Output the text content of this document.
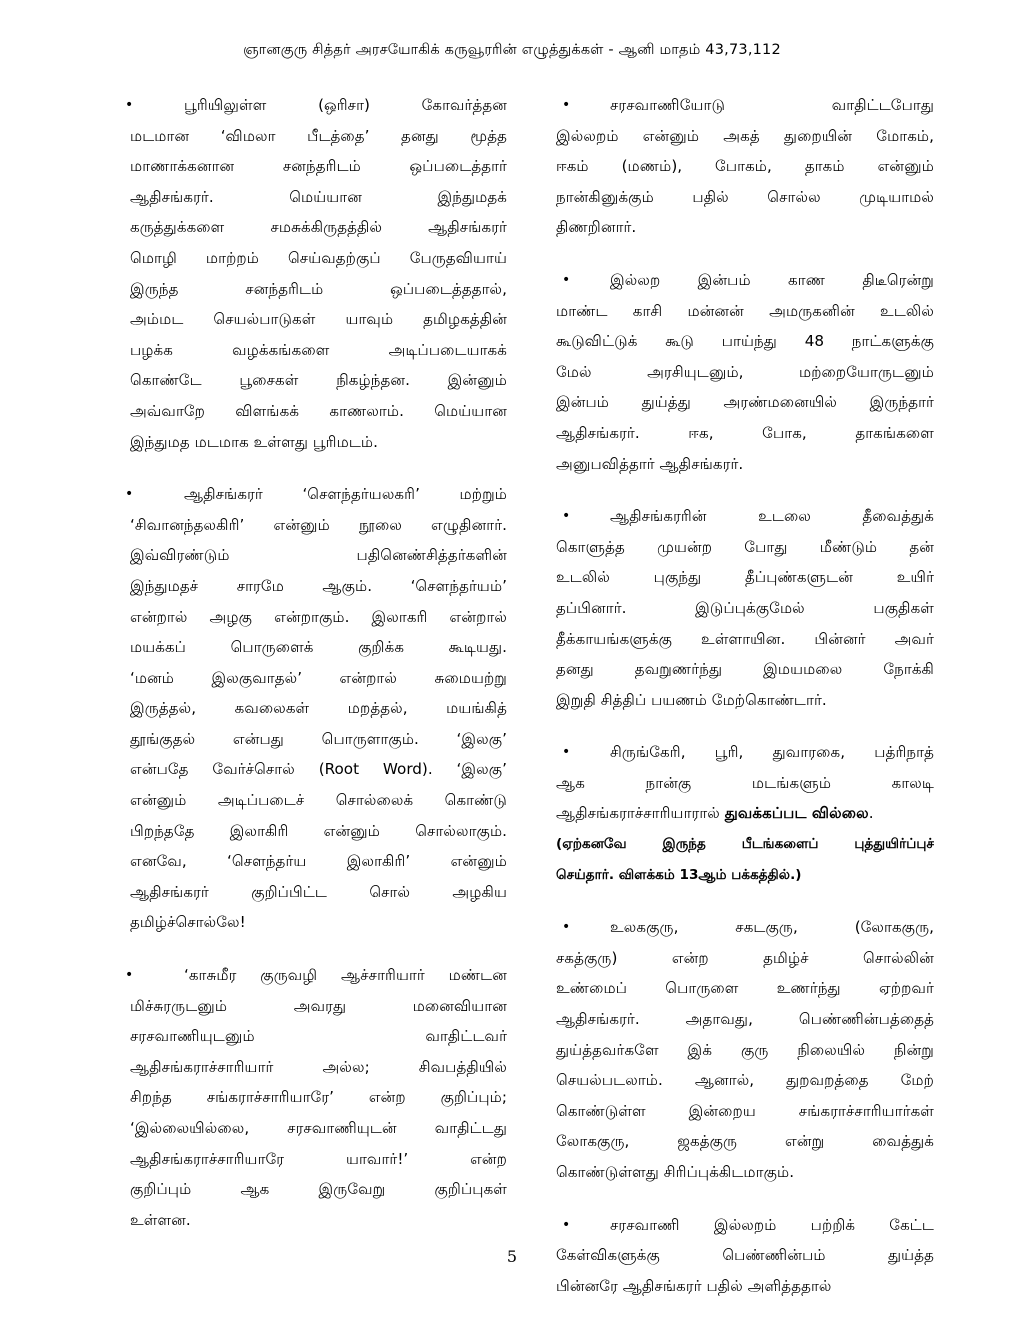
ஞானகுரு சித்தர் அரசயோகிக் கருவூரரின் எழுத்துக்கள் - ஆனி மாதம் 43,73,112
•	பூரியிலுள்ள (ஒரிசா) கோவர்த்தன
மடமான ‘விமலா பீடத்தை’ தனது மூத்த
மாணாக்கனான சனந்தரிடம் ஒப்படைத்தார்
ஆதிசங்கரர். மெய்யான இந்துமதக்
கருத்துக்களை சமசுக்கிருதத்தில் ஆதிசங்கரர்
மொழி மாற்றம் செய்வதற்குப் பேருதவியாய்
இருந்த சனந்தரிடம் ஒப்படைத்ததால்,
அம்மட செயல்பாடுகள் யாவும் தமிழகத்தின்
பழக்க வழக்கங்களை அடிப்படையாகக்
கொண்டே பூசைகள் நிகழ்ந்தன. இன்னும்
அவ்வாறே விளங்கக் காணலாம். மெய்யான
இந்துமத மடமாக உள்ளது பூரிமடம்.
•	ஆதிசங்கரர் ‘சௌந்தர்யலகரி’ மற்றும்
‘சிவானந்தலகிரி’ என்னும் நூலை எழுதினார்.
இவ்விரண்டும் பதினெண்சித்தர்களின்
இந்துமதச் சாரமே ஆகும். ‘சௌந்தர்யம்’
என்றால் அழகு என்றாகும். இலாகரி என்றால்
மயக்கப் பொருளைக் குறிக்க கூடியது.
‘மனம் இலகுவாதல்’ என்றால் சுமையற்று
இருத்தல், கவலைகள் மறத்தல், மயங்கித்
தூங்குதல் என்பது பொருளாகும். ‘இலகு’
என்பதே வேர்ச்சொல் (Root Word). ‘இலகு’
என்னும் அடிப்படைச் சொல்லைக் கொண்டு
பிறந்ததே இலாகிரி என்னும் சொல்லாகும்.
எனவே, ‘சௌந்தர்ய இலாகிரி’ என்னும்
ஆதிசங்கரர் குறிப்பிட்ட சொல் அழகிய
தமிழ்ச்சொல்லே!
•	‘காசுமீர குருவழி ஆச்சாரியார் மண்டன
மிச்சுரருடனும் அவரது மனைவியான
சரசவாணியுடனும் வாதிட்டவர்
ஆதிசங்கராச்சாரியார் அல்ல; சிவபத்தியில்
சிறந்த சங்கராச்சாரியாரே’ என்ற குறிப்பும்;
‘இல்லையில்லை, சரசவாணியுடன் வாதிட்டது
ஆதிசங்கராச்சாரியாரே யாவார்!’ என்ற
குறிப்பும் ஆக இருவேறு குறிப்புகள்
உள்ளன.
•	சரசவாணியோடு வாதிட்டபோது
இல்லறம் என்னும் அகத் துறையின் மோகம்,
ஈகம் (மணம்), போகம், தாகம் என்னும்
நான்கினுக்கும் பதில் சொல்ல முடியாமல்
திணறினார்.
•	இல்லற இன்பம் காண திடீரென்று
மாண்ட காசி மன்னன் அமருகனின் உடலில்
கூடுவிட்டுக் கூடு பாய்ந்து 48 நாட்களுக்கு
மேல் அரசியுடனும், மற்றையோருடனும்
இன்பம் துய்த்து அரண்மனையில் இருந்தார்
ஆதிசங்கரர். ஈக, போக, தாகங்களை
அனுபவித்தார் ஆதிசங்கரர்.
•	ஆதிசங்கரரின் உடலை தீவைத்துக்
கொளுத்த முயன்ற போது மீண்டும் தன்
உடலில் புகுந்து தீப்புண்களுடன் உயிர்
தப்பினார். இடுப்புக்குமேல் பகுதிகள்
தீக்காயங்களுக்கு உள்ளாயின. பின்னர் அவர்
தனது தவறுணர்ந்து இமயமலை நோக்கி
இறுதி சித்திப் பயணம் மேற்கொண்டார்.
•	சிருங்கேரி, பூரி, துவாரகை, பத்ரிநாத்
ஆக நான்கு மடங்களும் காலடி
ஆதிசங்கராச்சாரியாரால் துவக்கப்பட வில்லை.
(ஏற்கனவே இருந்த பீடங்களைப் புத்துயிர்ப்புச்
செய்தார். விளக்கம் 13ஆம் பக்கத்தில்.)
•	உலககுரு, சகடகுரு, (லோககுரு,
சகத்குரு) என்ற தமிழ்ச் சொல்லின்
உண்மைப் பொருளை உணர்ந்து ஏற்றவர்
ஆதிசங்கரர். அதாவது, பெண்ணின்பத்தைத்
துய்த்தவர்களே இக் குரு நிலையில் நின்று
செயல்படலாம். ஆனால், துறவறத்தை மேற்
கொண்டுள்ள இன்றைய சங்கராச்சாரியார்கள்
லோககுரு, ஜகத்குரு என்று வைத்துக்
கொண்டுள்ளது சிரிப்புக்கிடமாகும்.
•	சரசவாணி இல்லறம் பற்றிக் கேட்ட
கேள்விகளுக்கு பெண்ணின்பம் துய்த்த
பின்னரே ஆதிசங்கரர் பதில் அளித்ததால்
5
